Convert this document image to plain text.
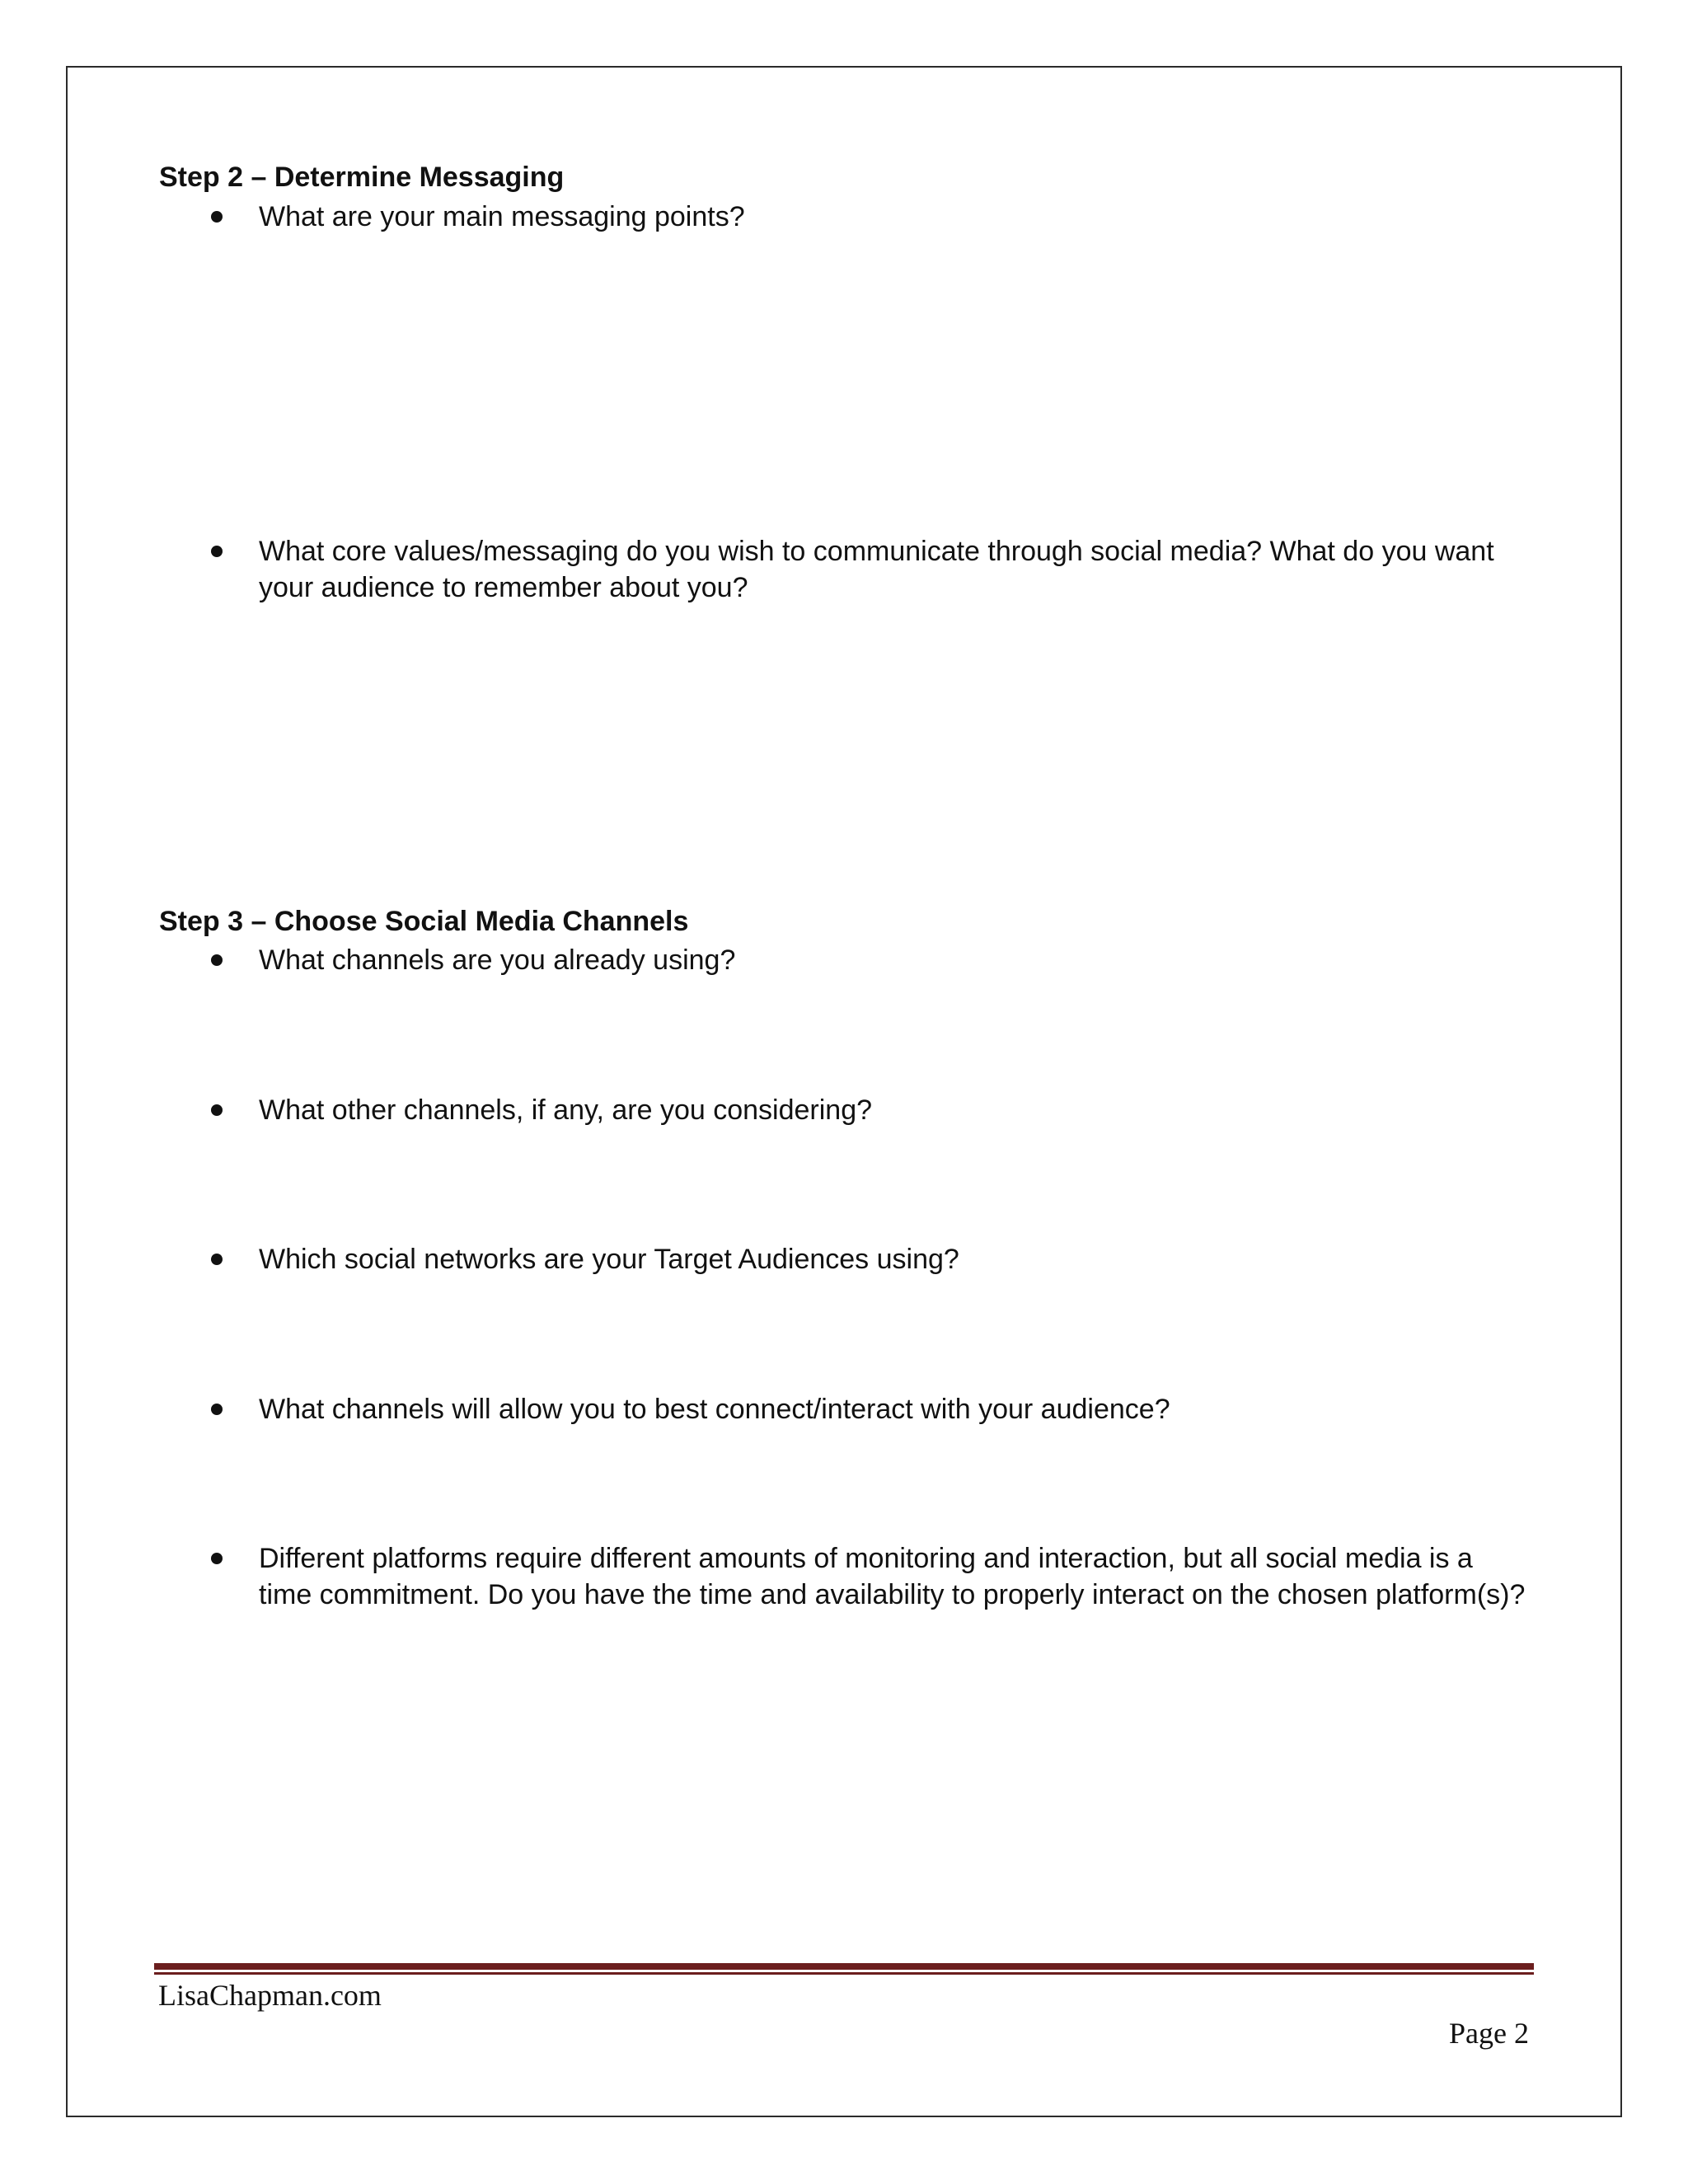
Step 2 – Determine Messaging
What are your main messaging points?
What core values/messaging do you wish to communicate through social media? What do you want your audience to remember about you?
Step 3 – Choose Social Media Channels
What channels are you already using?
What other channels, if any, are you considering?
Which social networks are your Target Audiences using?
What channels will allow you to best connect/interact with your audience?
Different platforms require different amounts of monitoring and interaction, but all social media is a time commitment. Do you have the time and availability to properly interact on the chosen platform(s)?
LisaChapman.com
Page 2
